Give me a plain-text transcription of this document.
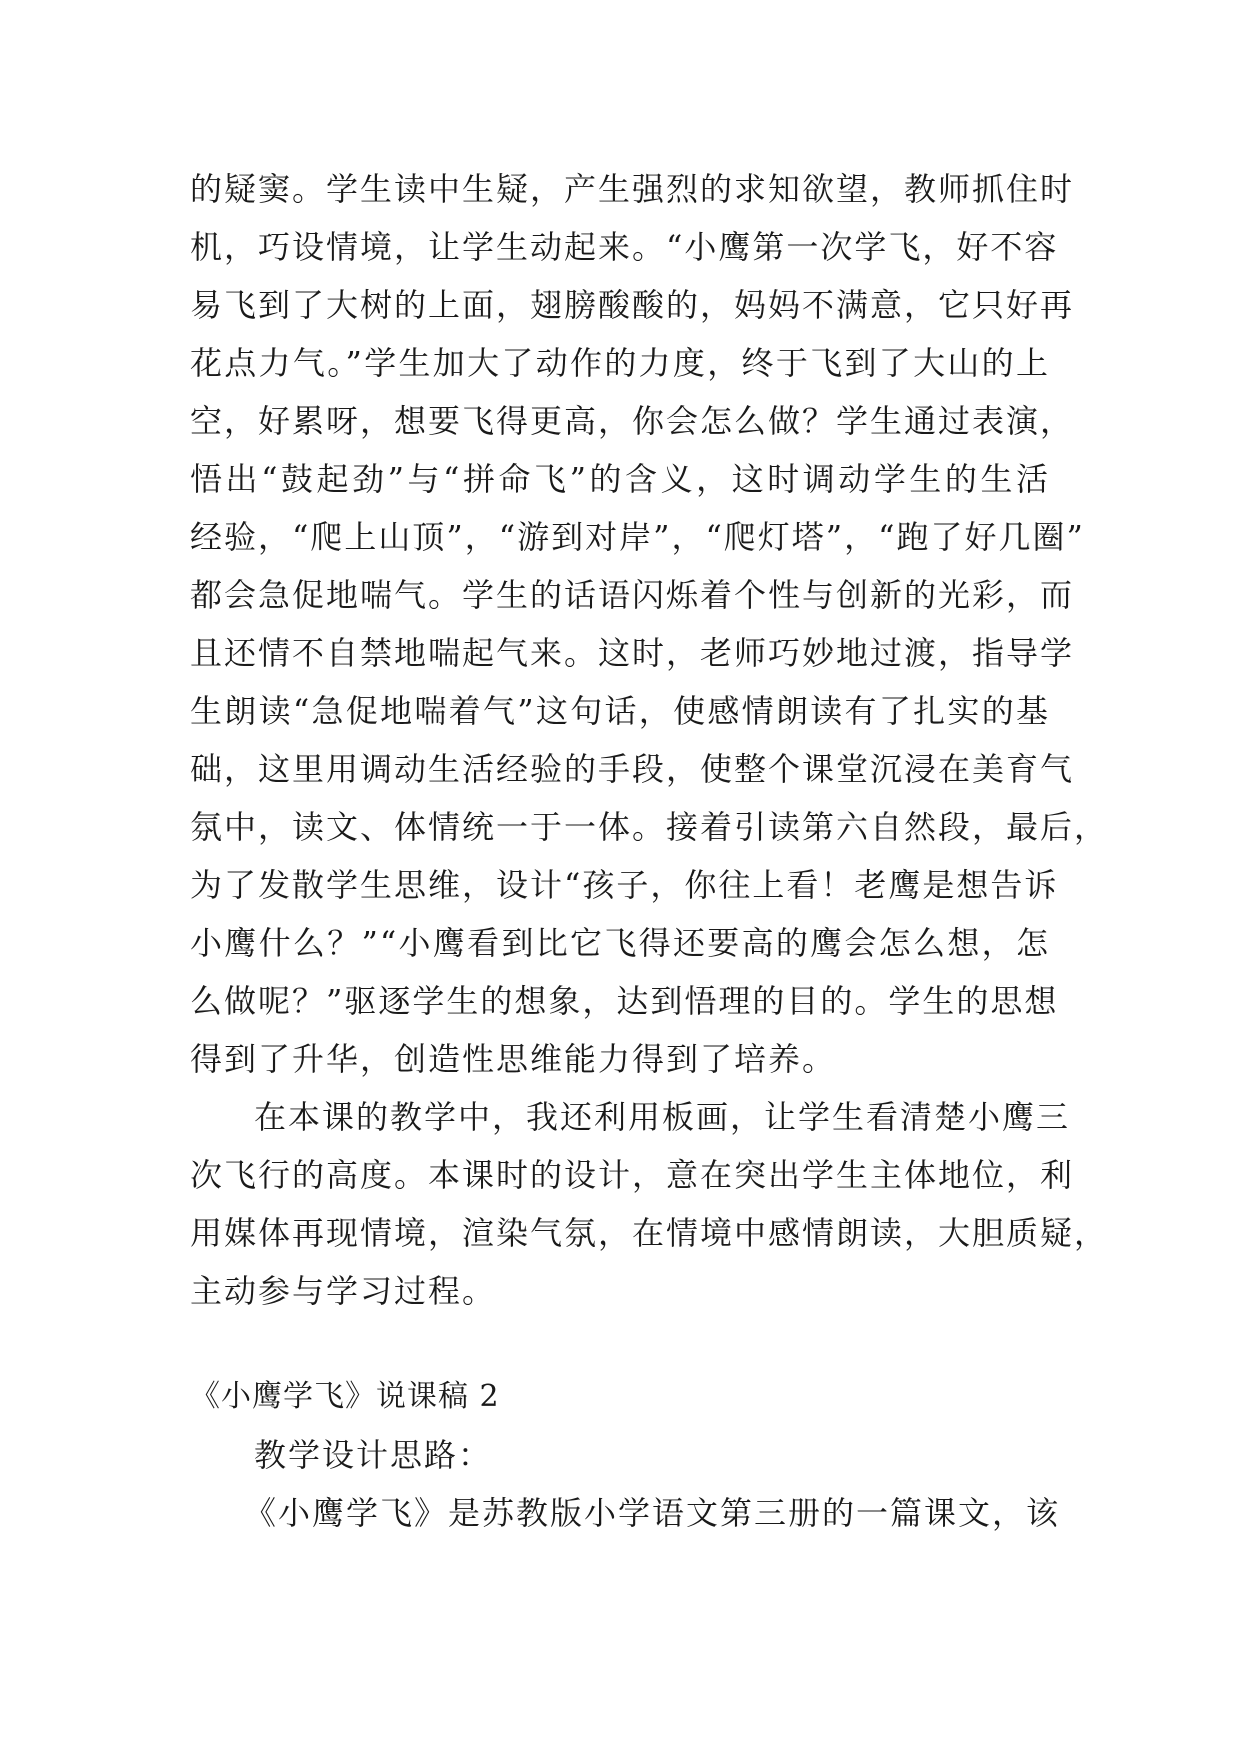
的疑窦。学生读中生疑，产生强烈的求知欲望，教师抓住时
机，巧设情境，让学生动起来。“小鹰第一次学飞，好不容
易飞到了大树的上面，翅膀酸酸的，妈妈不满意，它只好再
花点力气。”学生加大了动作的力度，终于飞到了大山的上
空，好累呀，想要飞得更高，你会怎么做？学生通过表演，
悟出“鼓起劲”与“拼命飞”的含义，这时调动学生的生活
经验，“爬上山顶”，“游到对岸”，“爬灯塔”，“跑了好几圈”
都会急促地喘气。学生的话语闪烁着个性与创新的光彩，而
且还情不自禁地喘起气来。这时，老师巧妙地过渡，指导学
生朗读“急促地喘着气”这句话，使感情朗读有了扎实的基
础，这里用调动生活经验的手段，使整个课堂沉浸在美育气
氛中，读文、体情统一于一体。接着引读第六自然段，最后，
为了发散学生思维，设计“孩子，你往上看！老鹰是想告诉
小鹰什么？”“小鹰看到比它飞得还要高的鹰会怎么想，怎
么做呢？”驱逐学生的想象，达到悟理的目的。学生的思想
得到了升华，创造性思维能力得到了培养。
在本课的教学中，我还利用板画，让学生看清楚小鹰三
次飞行的高度。本课时的设计，意在突出学生主体地位，利
用媒体再现情境，渲染气氛，在情境中感情朗读，大胆质疑，
主动参与学习过程。
《小鹰学飞》说课稿 2
教学设计思路：
《小鹰学飞》是苏教版小学语文第三册的一篇课文，该
